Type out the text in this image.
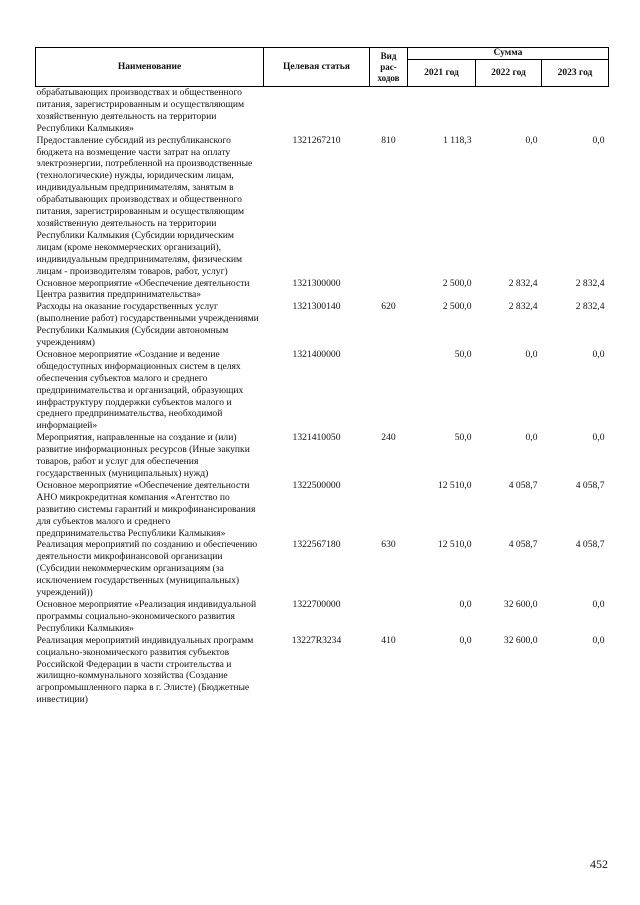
Наименование	Целевая статья	Вид рас-ходов	Сумма		
			2021 год	2022 год	2023 год
обрабатывающих производствах и общественного питания, зарегистрированным и осуществляющим хозяйственную деятельность на территории Республики Калмыкия»					
Предоставление субсидий из республиканского бюджета на возмещение части затрат на оплату электроэнергии, потребленной на производственные (технологические) нужды, юридическим лицам, индивидуальным предпринимателям, занятым в обрабатывающих производствах и общественного питания, зарегистрированным и осуществляющим хозяйственную деятельность на территории Республики Калмыкия (Субсидии юридическим лицам (кроме некоммерческих организаций), индивидуальным предпринимателям, физическим лицам - производителям товаров, работ, услуг)	1321267210	810	1 118,3	0,0	0,0
Основное мероприятие «Обеспечение деятельности Центра развития предпринимательства»	1321300000		2 500,0	2 832,4	2 832,4
Расходы на оказание государственных услуг (выполнение работ) государственными учреждениями Республики Калмыкия (Субсидии автономным учреждениям)	1321300140	620	2 500,0	2 832,4	2 832,4
Основное мероприятие «Создание и ведение общедоступных информационных систем в целях обеспечения субъектов малого и среднего предпринимательства и организаций, образующих инфраструктуру поддержки субъектов малого и среднего предпринимательства, необходимой информацией»	1321400000		50,0	0,0	0,0
Мероприятия, направленные на создание и (или) развитие информационных ресурсов (Иные закупки товаров, работ и услуг для обеспечения государственных (муниципальных) нужд)	1321410050	240	50,0	0,0	0,0
Основное мероприятие «Обеспечение деятельности АНО микрокредитная компания «Агентство по развитию системы гарантий и микрофинансирования для субъектов малого и среднего предпринимательства Республики Калмыкия»	1322500000		12 510,0	4 058,7	4 058,7
Реализация мероприятий по созданию и обеспечению деятельности микрофинансовой организации (Субсидии некоммерческим организациям (за исключением государственных (муниципальных) учреждений))	1322567180	630	12 510,0	4 058,7	4 058,7
Основное мероприятие «Реализация индивидуальной программы социально-экономического развития Республики Калмыкия»	1322700000		0,0	32 600,0	0,0
Реализация мероприятий индивидуальных программ социально-экономического развития субъектов Российской Федерации в части строительства и жилищно-коммунального хозяйства (Создание агропромышленного парка в г. Элисте) (Бюджетные инвестиции)	13227R3234	410	0,0	32 600,0	0,0
452
